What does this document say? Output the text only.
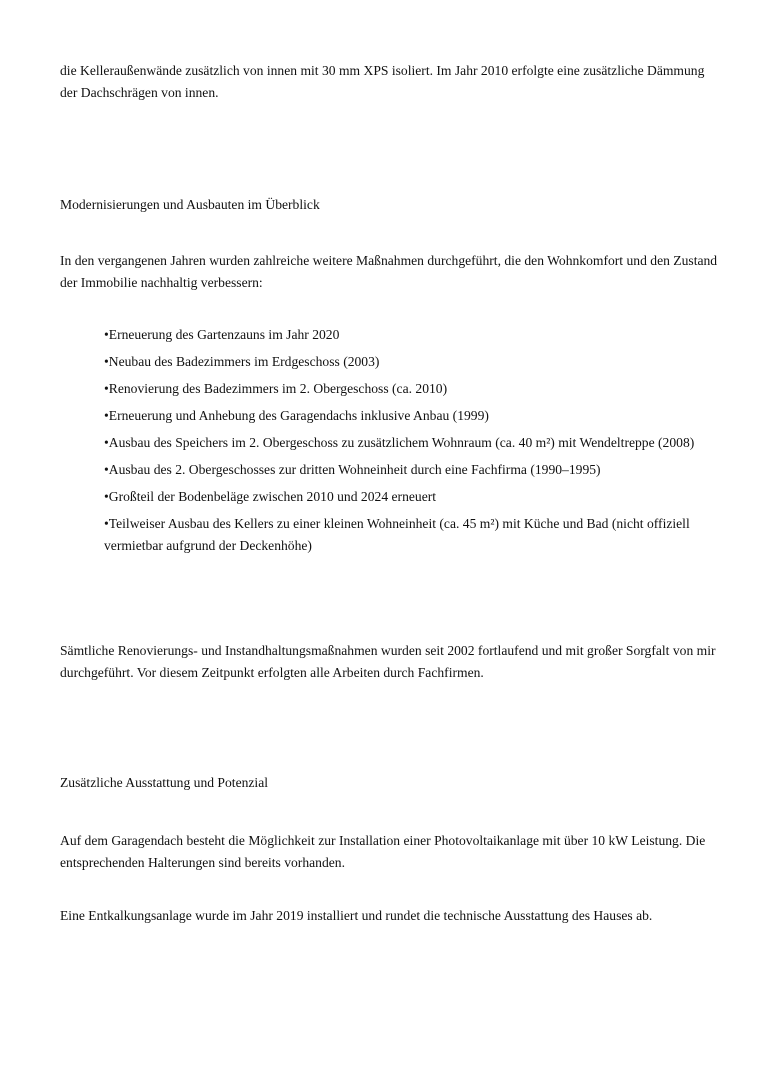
die Kelleraußenwände zusätzlich von innen mit 30 mm XPS isoliert. Im Jahr 2010 erfolgte eine zusätzliche Dämmung der Dachschrägen von innen.

Modernisierungen und Ausbauten im Überblick

In den vergangenen Jahren wurden zahlreiche weitere Maßnahmen durchgeführt, die den Wohnkomfort und den Zustand der Immobilie nachhaltig verbessern:

•Erneuerung des Gartenzauns im Jahr 2020
•Neubau des Badezimmers im Erdgeschoss (2003)
•Renovierung des Badezimmers im 2. Obergeschoss (ca. 2010)
•Erneuerung und Anhebung des Garagendachs inklusive Anbau (1999)
•Ausbau des Speichers im 2. Obergeschoss zu zusätzlichem Wohnraum (ca. 40 m²) mit Wendeltreppe (2008)
•Ausbau des 2. Obergeschosses zur dritten Wohneinheit durch eine Fachfirma (1990–1995)
•Großteil der Bodenbeläge zwischen 2010 und 2024 erneuert
•Teilweiser Ausbau des Kellers zu einer kleinen Wohneinheit (ca. 45 m²) mit Küche und Bad (nicht offiziell vermietbar aufgrund der Deckenhöhe)

Sämtliche Renovierungs- und Instandhaltungsmaßnahmen wurden seit 2002 fortlaufend und mit großer Sorgfalt von mir durchgeführt. Vor diesem Zeitpunkt erfolgten alle Arbeiten durch Fachfirmen.

Zusätzliche Ausstattung und Potenzial

Auf dem Garagendach besteht die Möglichkeit zur Installation einer Photovoltaikanlage mit über 10 kW Leistung. Die entsprechenden Halterungen sind bereits vorhanden.

Eine Entkalkungsanlage wurde im Jahr 2019 installiert und rundet die technische Ausstattung des Hauses ab.
